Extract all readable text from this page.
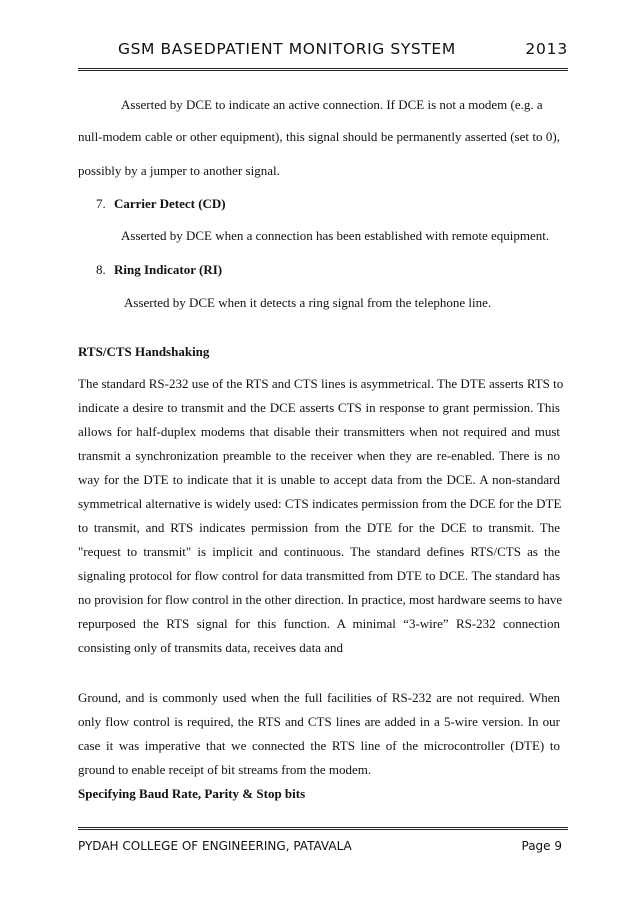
GSM BASEDPATIENT MONITORIG SYSTEM	2013
Asserted by DCE to indicate an active connection. If DCE is not a modem (e.g. a
null-modem cable or other equipment), this signal should be permanently asserted (set to 0),
possibly by a jumper to another signal.
7. Carrier Detect (CD)
Asserted by DCE when a connection has been established with remote equipment.
8. Ring Indicator (RI)
Asserted by DCE when it detects a ring signal from the telephone line.
RTS/CTS Handshaking
The standard RS-232 use of the RTS and CTS lines is asymmetrical. The DTE asserts RTS to
indicate a desire to transmit and the DCE asserts CTS in response to grant permission. This
allows for half-duplex modems that disable their transmitters when not required and must
transmit a synchronization preamble to the receiver when they are re-enabled. There is no
way for the DTE to indicate that it is unable to accept data from the DCE. A non-standard
symmetrical alternative is widely used: CTS indicates permission from the DCE for the DTE
to transmit, and RTS indicates permission from the DTE for the DCE to transmit. The
"request to transmit" is implicit and continuous. The standard defines RTS/CTS as the
signaling protocol for flow control for data transmitted from DTE to DCE. The standard has
no provision for flow control in the other direction. In practice, most hardware seems to have
repurposed the RTS signal for this function. A minimal “3-wire” RS-232 connection
consisting only of transmits data, receives data and
Ground, and is commonly used when the full facilities of RS-232 are not required. When
PYDAH COLLEGE OF ENGINEERING, PATAVALA	Page 9
only flow control is required, the RTS and CTS lines are added in a 5-wire version. In our
case it was imperative that we connected the RTS line of the microcontroller (DTE) to
ground to enable receipt of bit streams from the modem.
Specifying Baud Rate, Parity & Stop bits
